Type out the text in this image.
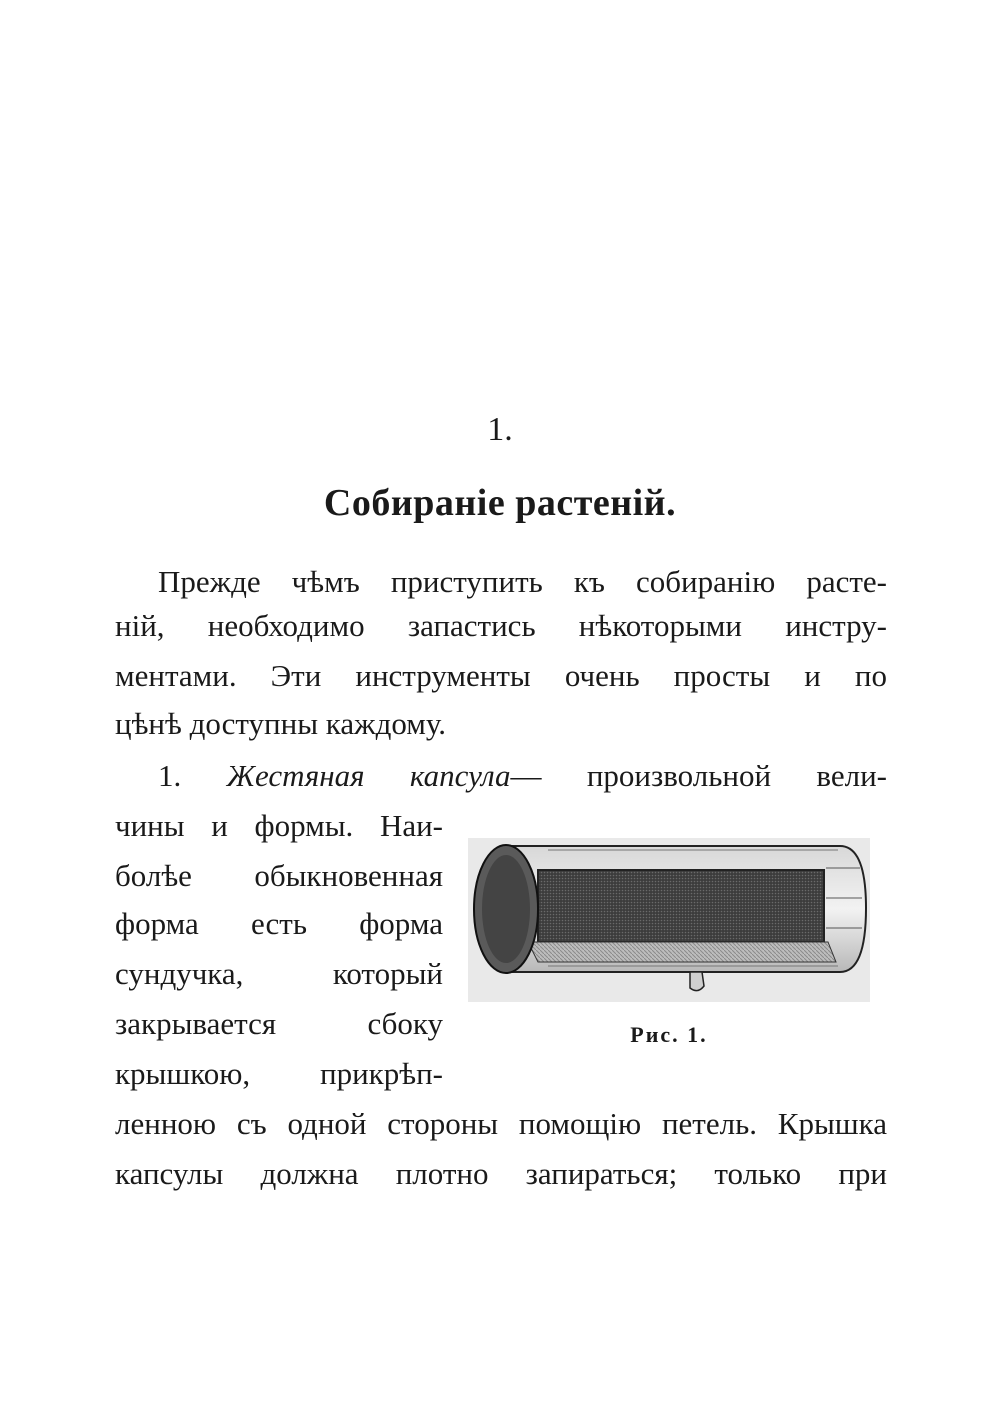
1.
Собиранiе растенiй.
Прежде чѣмъ приступить къ собиранiю расте-
нiй, необходимо запастись нѣкоторыми инстру-
ментами. Эти инструменты очень просты и по
цѣнѣ доступны каждому.
1. Жестяная капсула— произвольной вели-
чины и формы. Наи-
болѣе обыкновенная
форма есть форма
сундучка, который
закрывается сбоку
крышкою, прикрѣп-
ленною съ одной стороны помощiю петель. Крышка
капсулы должна плотно запираться; только при
Рис. 1.
